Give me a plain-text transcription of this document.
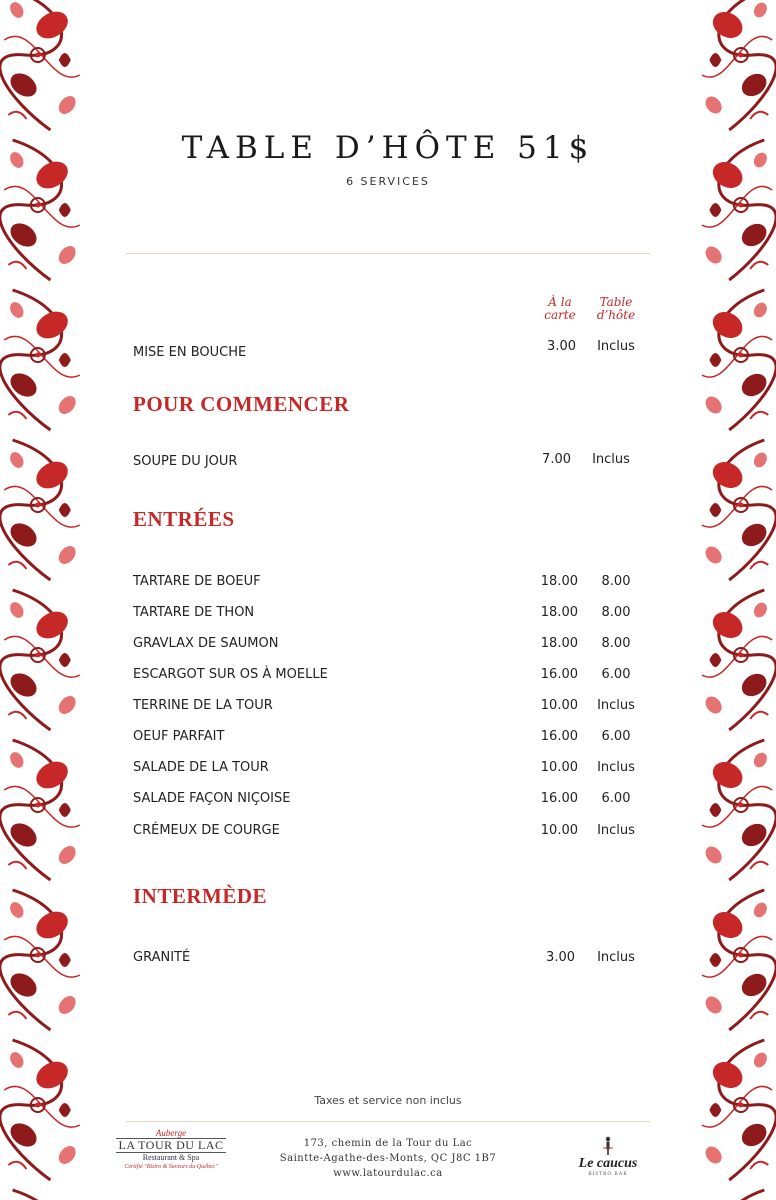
TABLE D’HÔTE 51$
6 SERVICES
À la
carte
Table
d’hôte
MISE EN BOUCHE	3.00	Inclus
POUR COMMENCER
SOUPE DU JOUR	7.00	Inclus
ENTRÉES
TARTARE DE BOEUF	18.00	8.00
TARTARE DE THON	18.00	8.00
GRAVLAX DE SAUMON	18.00	8.00
ESCARGOT SUR OS À MOELLE	16.00	6.00
TERRINE DE LA TOUR	10.00	Inclus
OEUF PARFAIT	16.00	6.00
SALADE DE LA TOUR	10.00	Inclus
SALADE FAÇON NIÇOISE	16.00	6.00
CRÉMEUX DE COURGE	10.00	Inclus
INTERMÈDE
GRANITÉ	3.00	Inclus
Taxes et service non inclus
Auberge
LA TOUR DU LAC
Restaurant & Spa
Certifié "Bistro & Saveurs du Québec"
173, chemin de la Tour du Lac
Saintte-Agathe-des-Monts, QC J8C 1B7
www.latourdulac.ca
Le caucus
BISTRO BAR
